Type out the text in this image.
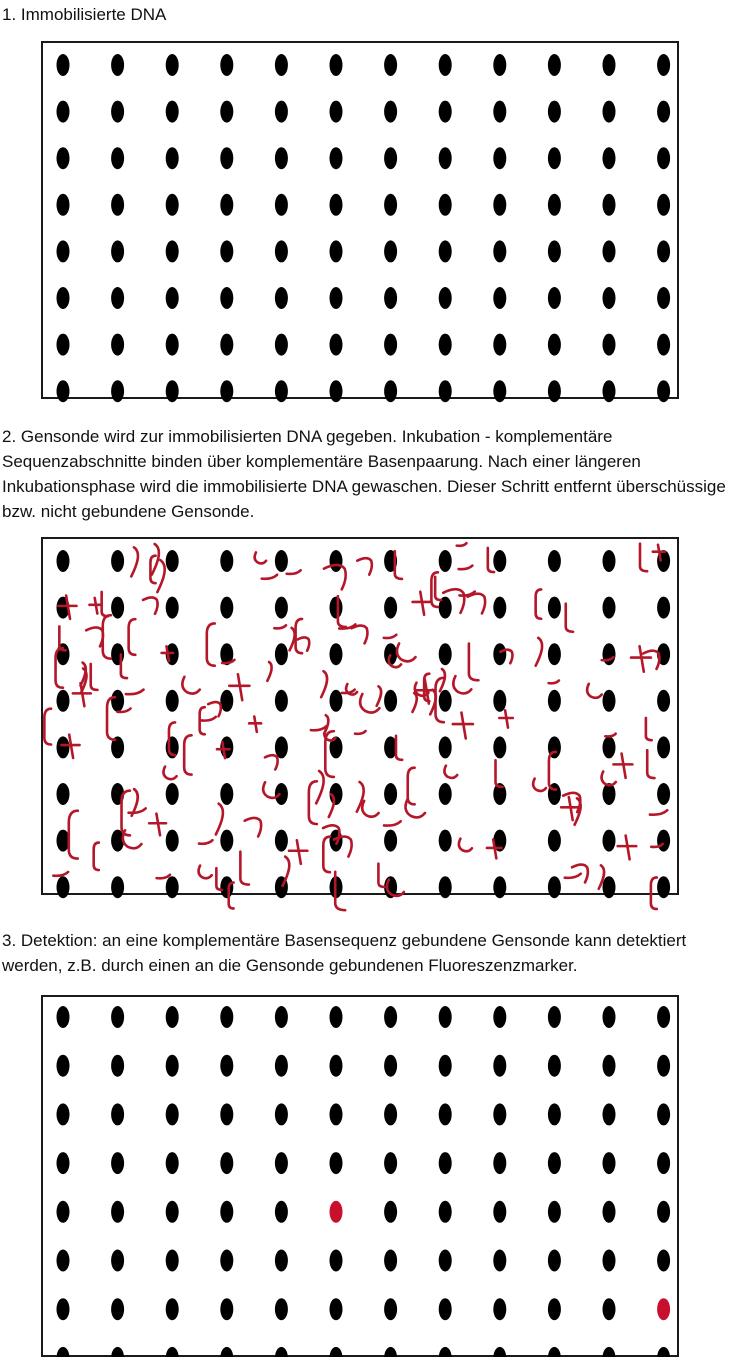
1. Immobilisierte DNA

2. Gensonde wird zur immobilisierten DNA gegeben. Inkubation - komplementäre Sequenzabschnitte binden über komplementäre Basenpaarung. Nach einer längeren Inkubationsphase wird die immobilisierte DNA gewaschen. Dieser Schritt entfernt überschüssige bzw. nicht gebundene Gensonde.

3. Detektion: an eine komplementäre Basensequenz gebundene Gensonde kann detektiert werden, z.B. durch einen an die Gensonde gebundenen Fluoreszenzmarker.
